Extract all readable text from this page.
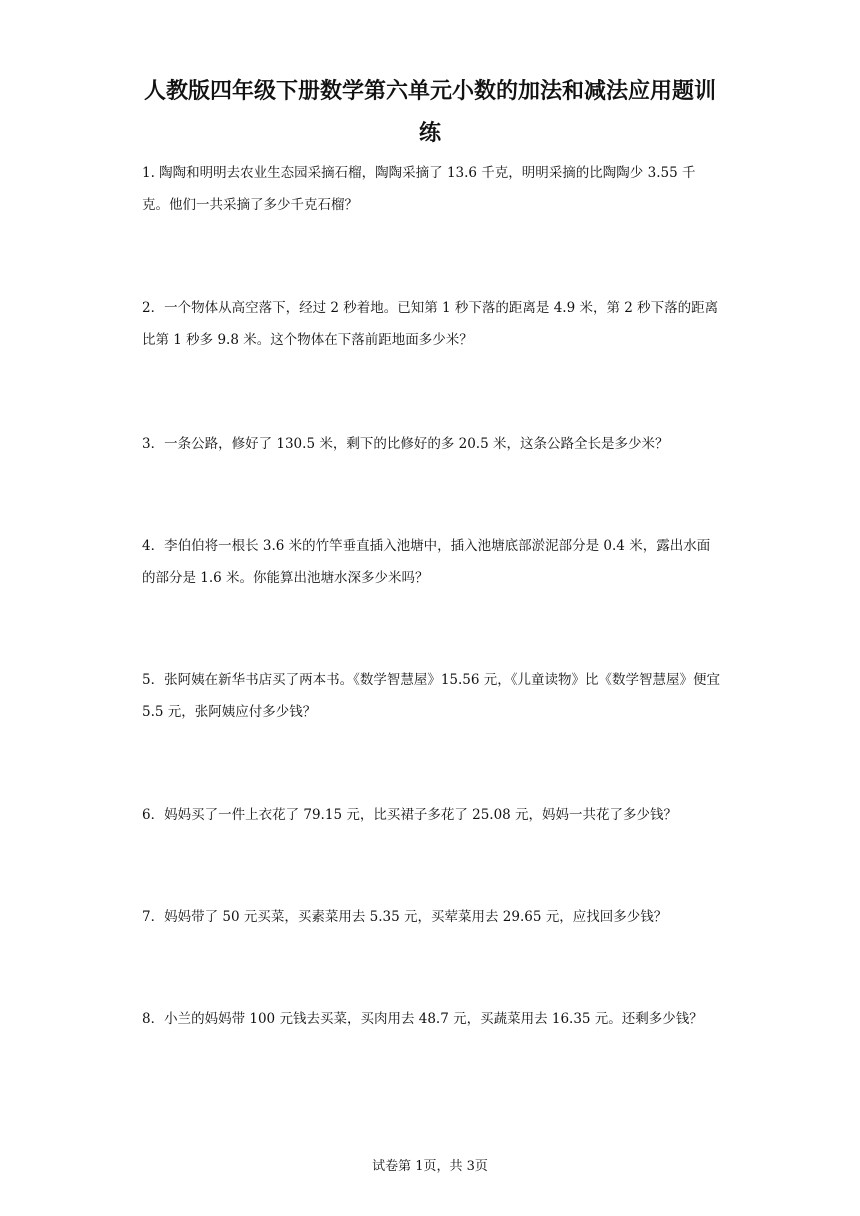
人教版四年级下册数学第六单元小数的加法和减法应用题训
练

1. 陶陶和明明去农业生态园采摘石榴，陶陶采摘了 13.6 千克，明明采摘的比陶陶少 3.55 千克。他们一共采摘了多少千克石榴？

2．一个物体从高空落下，经过 2 秒着地。已知第 1 秒下落的距离是 4.9 米，第 2 秒下落的距离比第 1 秒多 9.8 米。这个物体在下落前距地面多少米？

3．一条公路，修好了 130.5 米，剩下的比修好的多 20.5 米，这条公路全长是多少米？

4．李伯伯将一根长 3.6 米的竹竿垂直插入池塘中，插入池塘底部淤泥部分是 0.4 米，露出水面的部分是 1.6 米。你能算出池塘水深多少米吗？

5．张阿姨在新华书店买了两本书。《数学智慧屋》15.56 元，《儿童读物》比《数学智慧屋》便宜 5.5 元，张阿姨应付多少钱？

6．妈妈买了一件上衣花了 79.15 元，比买裙子多花了 25.08 元，妈妈一共花了多少钱？

7．妈妈带了 50 元买菜，买素菜用去 5.35 元，买荤菜用去 29.65 元，应找回多少钱？

8．小兰的妈妈带 100 元钱去买菜，买肉用去 48.7 元，买蔬菜用去 16.35 元。还剩多少钱？

试卷第 1页，共 3页
